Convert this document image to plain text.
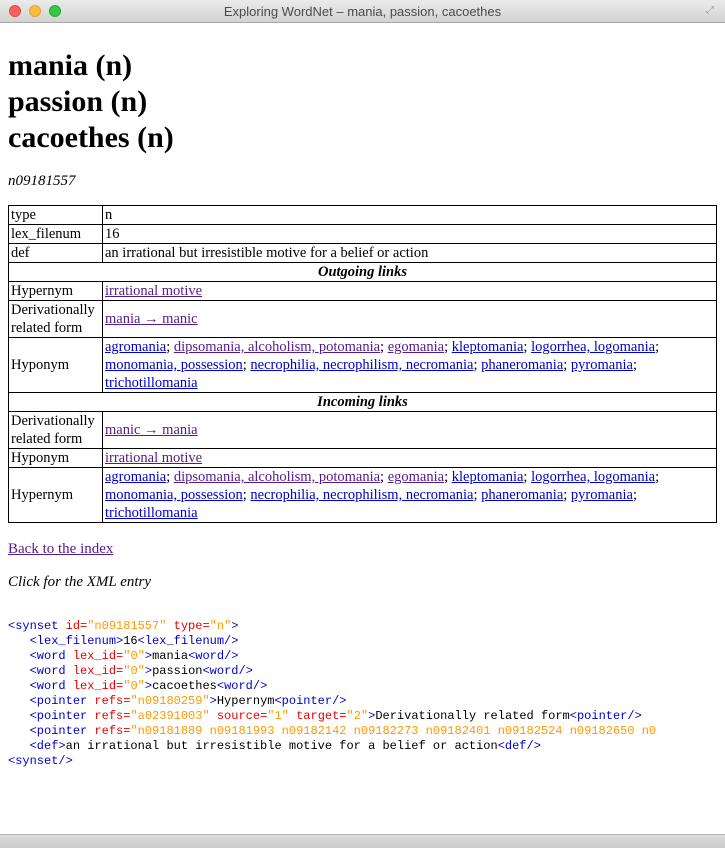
Exploring WordNet – mania, passion, cacoethes	⤢
mania (n)
passion (n)
cacoethes (n)
n09181557
type	n
lex_filenum	16
def	an irrational but irresistible motive for a belief or action
Outgoing links	
Hypernym	irrational motive
Derivationally related form	mania → manic
Hyponym	agromania; dipsomania, alcoholism, potomania; egomania; kleptomania; logorrhea, logomania; monomania, possession; necrophilia, necrophilism, necromania; phaneromania; pyromania; trichotillomania
Incoming links	
Derivationally related form	manic → mania
Hyponym	irrational motive
Hypernym	agromania; dipsomania, alcoholism, potomania; egomania; kleptomania; logorrhea, logomania; monomania, possession; necrophilia, necrophilism, necromania; phaneromania; pyromania; trichotillomania
Back to the index
Click for the XML entry
<synset id="n09181557" type="n">
<lex_filenum>16<lex_filenum/>
<word lex_id="0">mania<word/>
<word lex_id="0">passion<word/>
<word lex_id="0">cacoethes<word/>
<pointer refs="n09180259">Hypernym<pointer/>
<pointer refs="a02391003" source="1" target="2">Derivationally related form<pointer/>
<pointer refs="n09181889 n09181993 n09182142 n09182273 n09182401 n09182524 n09182650 n0
<def>an irrational but irresistible motive for a belief or action<def/>
<synset/>
